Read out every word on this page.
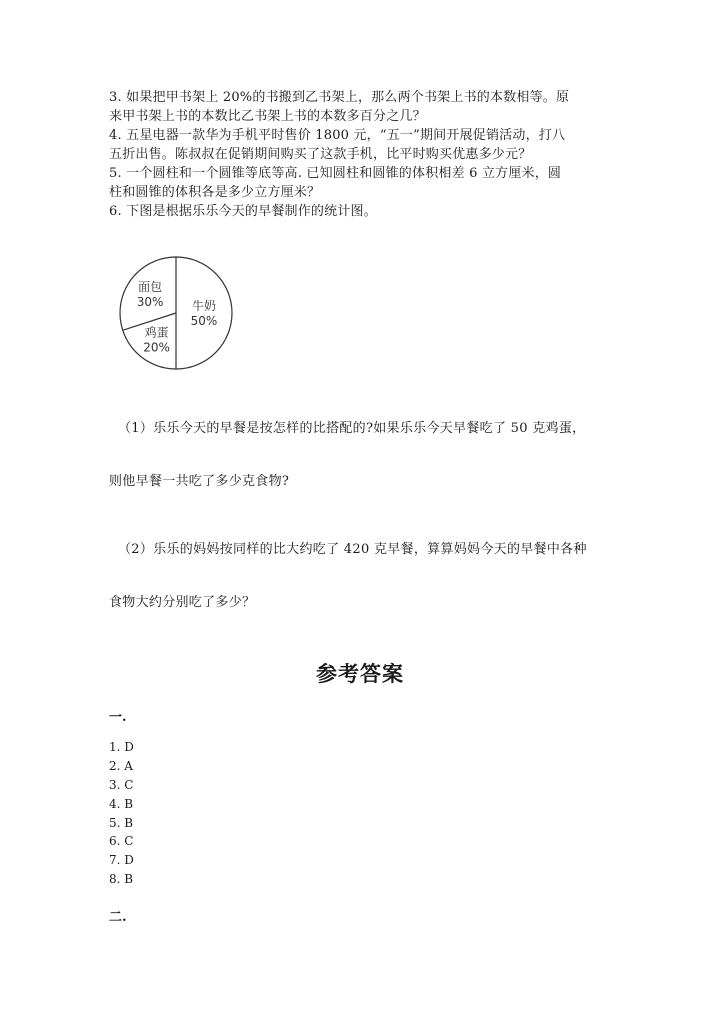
3. 如果把甲书架上 20%的书搬到乙书架上，那么两个书架上书的本数相等。原
来甲书架上书的本数比乙书架上书的本数多百分之几？
4. 五星电器一款华为手机平时售价 1800 元，“五一”期间开展促销活动，打八
五折出售。陈叔叔在促销期间购买了这款手机，比平时购买优惠多少元？
5. 一个圆柱和一个圆锥等底等高. 已知圆柱和圆锥的体积相差 6 立方厘米，圆
柱和圆锥的体积各是多少立方厘米？
6. 下图是根据乐乐今天的早餐制作的统计图。
牛奶
50%
鸡蛋
20%
面包
30%
（1）乐乐今天的早餐是按怎样的比搭配的?如果乐乐今天早餐吃了 50 克鸡蛋，
则他早餐一共吃了多少克食物?
（2）乐乐的妈妈按同样的比大约吃了 420 克早餐，算算妈妈今天的早餐中各种
食物大约分别吃了多少？
参考答案
一.
1. D
2. A
3. C
4. B
5. B
6. C
7. D
8. B
二.
